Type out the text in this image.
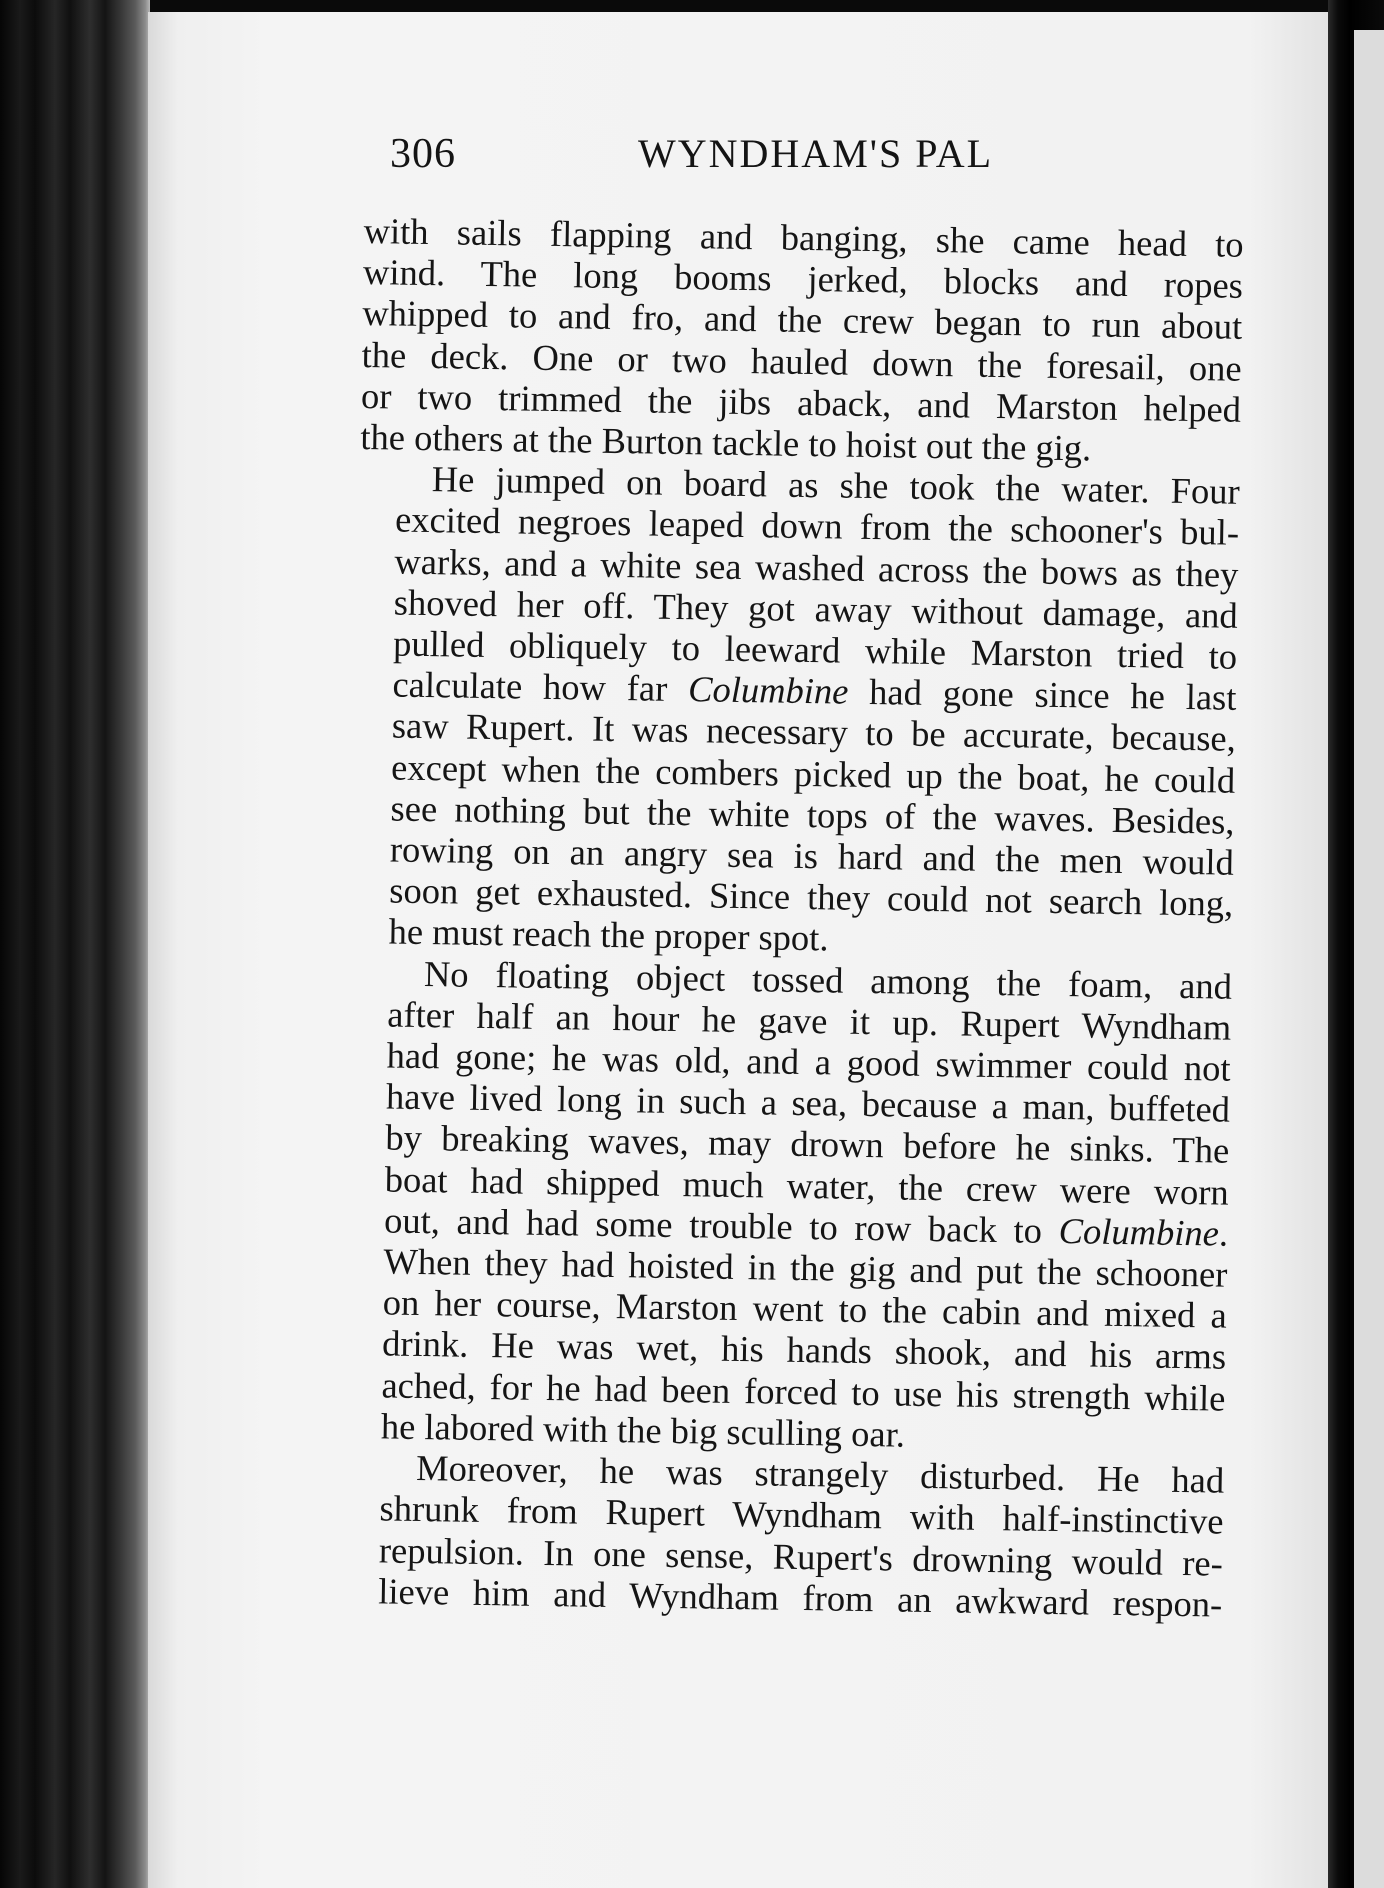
306	WYNDHAM'S PAL

with sails flapping and banging, she came head to
wind. The long booms jerked, blocks and ropes
whipped to and fro, and the crew began to run about
the deck. One or two hauled down the foresail, one
or two trimmed the jibs aback, and Marston helped
the others at the Burton tackle to hoist out the gig.

He jumped on board as she took the water. Four
excited negroes leaped down from the schooner's bul-
warks, and a white sea washed across the bows as they
shoved her off. They got away without damage, and
pulled obliquely to leeward while Marston tried to
calculate how far Columbine had gone since he last
saw Rupert. It was necessary to be accurate, because,
except when the combers picked up the boat, he could
see nothing but the white tops of the waves. Besides,
rowing on an angry sea is hard and the men would
soon get exhausted. Since they could not search long,
he must reach the proper spot.

No floating object tossed among the foam, and
after half an hour he gave it up. Rupert Wyndham
had gone; he was old, and a good swimmer could not
have lived long in such a sea, because a man, buffeted
by breaking waves, may drown before he sinks. The
boat had shipped much water, the crew were worn
out, and had some trouble to row back to Columbine.
When they had hoisted in the gig and put the schooner
on her course, Marston went to the cabin and mixed a
drink. He was wet, his hands shook, and his arms
ached, for he had been forced to use his strength while
he labored with the big sculling oar.

Moreover, he was strangely disturbed. He had
shrunk from Rupert Wyndham with half-instinctive
repulsion. In one sense, Rupert's drowning would re-
lieve him and Wyndham from an awkward respon-
